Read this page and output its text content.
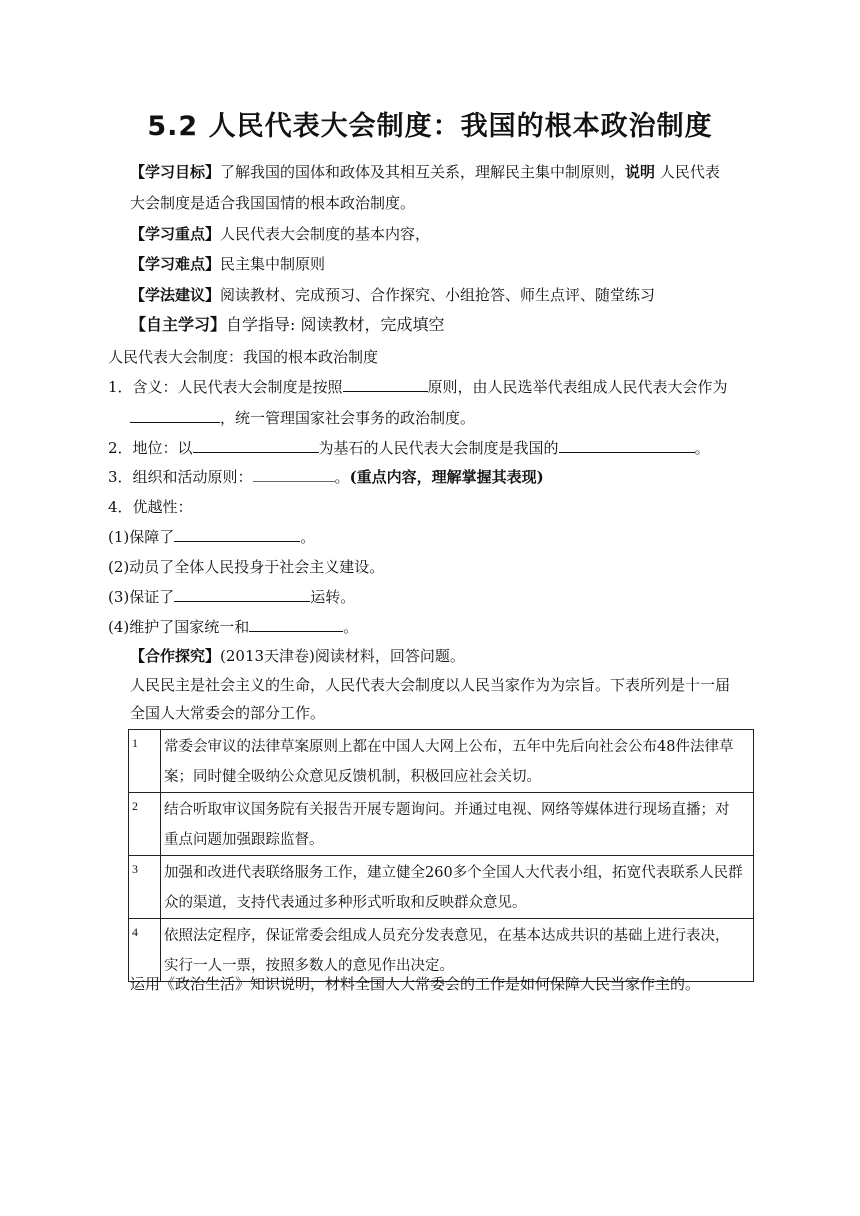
5.2 人民代表大会制度：我国的根本政治制度
【学习目标】了解我国的国体和政体及其相互关系，理解民主集中制原则，说明 人民代表
大会制度是适合我国国情的根本政治制度。
【学习重点】人民代表大会制度的基本内容，
【学习难点】民主集中制原则
【学法建议】阅读教材、完成预习、合作探究、小组抢答、师生点评、随堂练习
【自主学习】自学指导: 阅读教材，完成填空
人民代表大会制度：我国的根本政治制度
1．含义：人民代表大会制度是按照	原则，由人民选举代表组成人民代表大会作为
，统一管理国家社会事务的政治制度。
2．地位：以	为基石的人民代表大会制度是我国的	。
3．组织和活动原则：	。(重点内容，理解掌握其表现)
4．优越性：
(1)保障了	。
(2)动员了全体人民投身于社会主义建设。
(3)保证了	运转。
(4)维护了国家统一和	。
【合作探究】(2013天津卷)阅读材料，回答问题。
人民民主是社会主义的生命，人民代表大会制度以人民当家作为为宗旨。下表所列是十一届
全国人大常委会的部分工作。
1	常委会审议的法律草案原则上都在中国人大网上公布，五年中先后向社会公布48件法律草
案；同时健全吸纳公众意见反馈机制，积极回应社会关切。

2	结合听取审议国务院有关报告开展专题询问。并通过电视、网络等媒体进行现场直播；对
重点问题加强跟踪监督。

3	加强和改进代表联络服务工作，建立健全260多个全国人大代表小组，拓宽代表联系人民群
众的渠道，支持代表通过多种形式听取和反映群众意见。

4	依照法定程序，保证常委会组成人员充分发表意见，在基本达成共识的基础上进行表决，
实行一人一票，按照多数人的意见作出决定。
运用《政治生活》知识说明，材料全国人大常委会的工作是如何保障人民当家作主的。
